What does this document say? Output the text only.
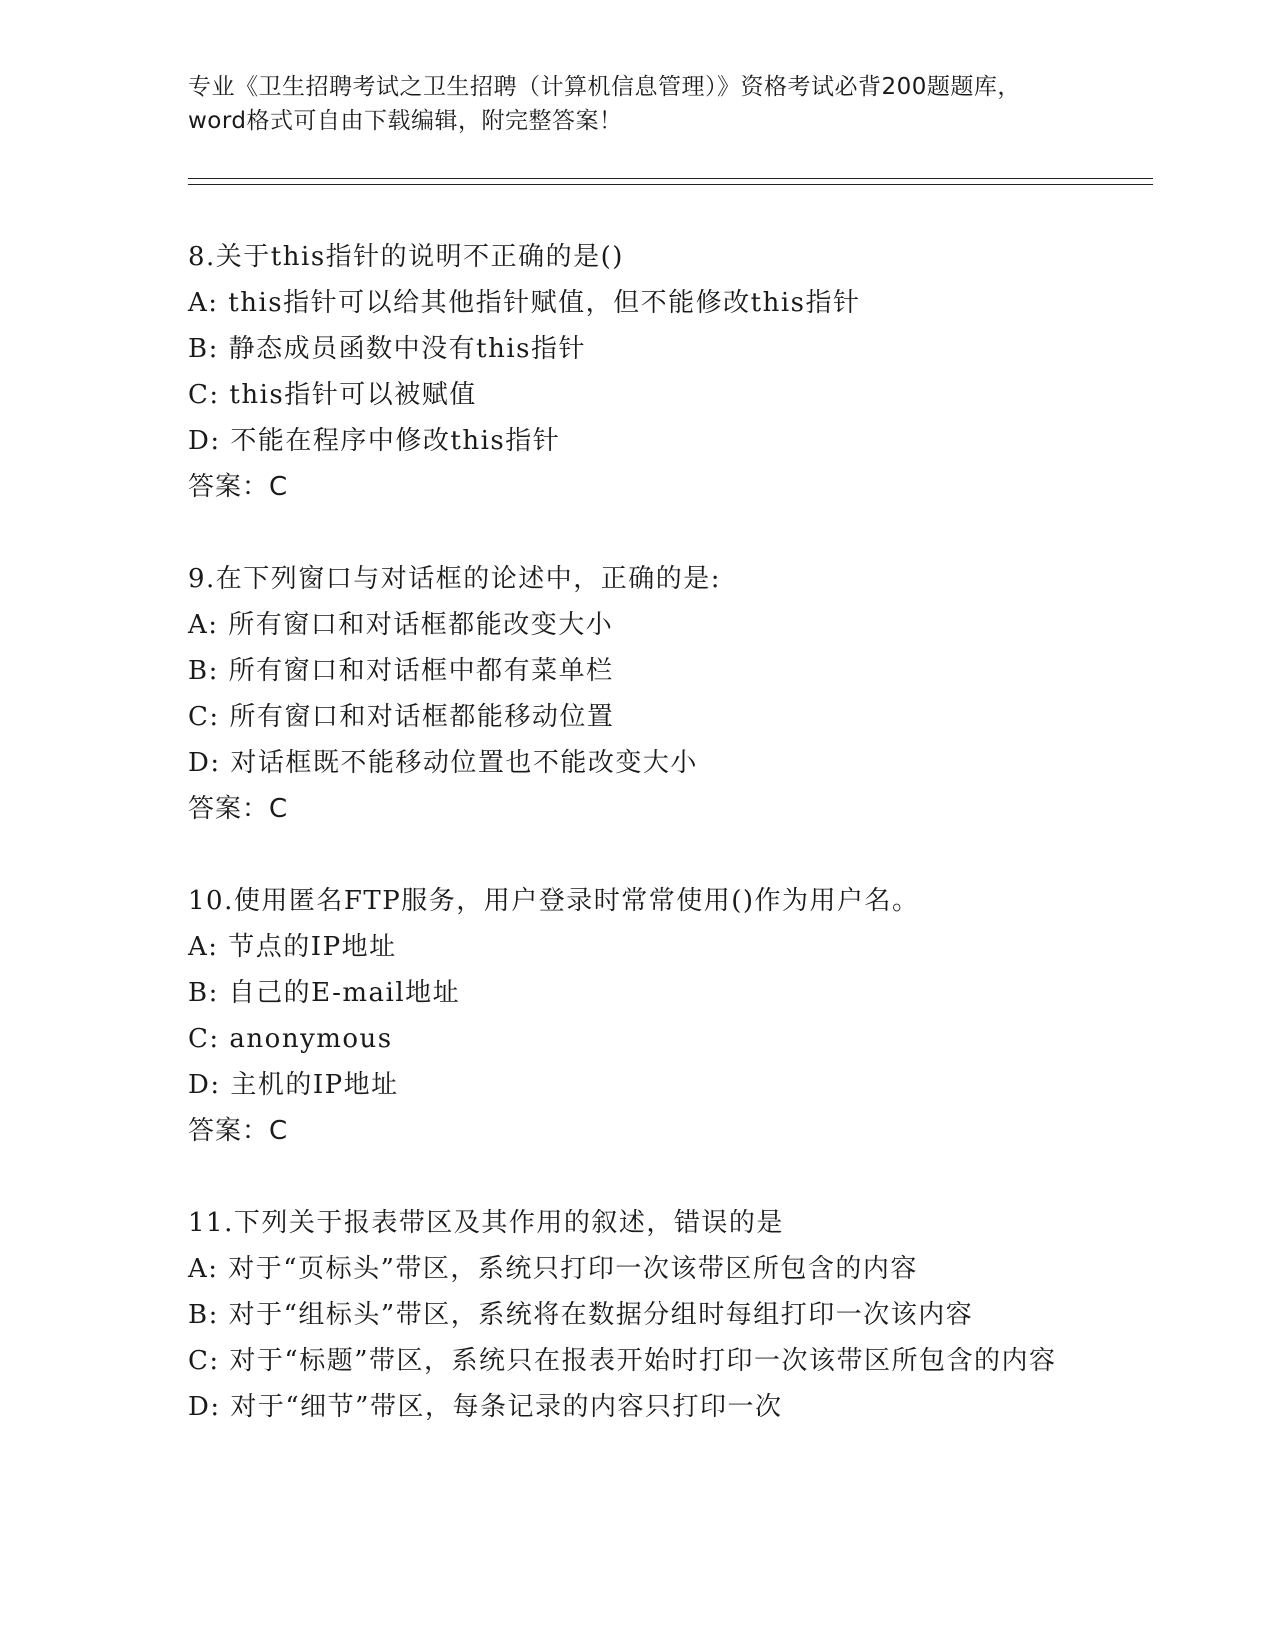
专业《卫生招聘考试之卫生招聘（计算机信息管理）》资格考试必背200题题库，
word格式可自由下载编辑，附完整答案！
8.关于this指针的说明不正确的是()
A: this指针可以给其他指针赋值，但不能修改this指针
B: 静态成员函数中没有this指针
C: this指针可以被赋值
D: 不能在程序中修改this指针
答案：C
9.在下列窗口与对话框的论述中，正确的是:
A: 所有窗口和对话框都能改变大小
B: 所有窗口和对话框中都有菜单栏
C: 所有窗口和对话框都能移动位置
D: 对话框既不能移动位置也不能改变大小
答案：C
10.使用匿名FTP服务，用户登录时常常使用()作为用户名。
A: 节点的IP地址
B: 自己的E-mail地址
C: anonymous
D: 主机的IP地址
答案：C
11.下列关于报表带区及其作用的叙述，错误的是
A: 对于“页标头”带区，系统只打印一次该带区所包含的内容
B: 对于“组标头”带区，系统将在数据分组时每组打印一次该内容
C: 对于“标题”带区，系统只在报表开始时打印一次该带区所包含的内容
D: 对于“细节”带区，每条记录的内容只打印一次
